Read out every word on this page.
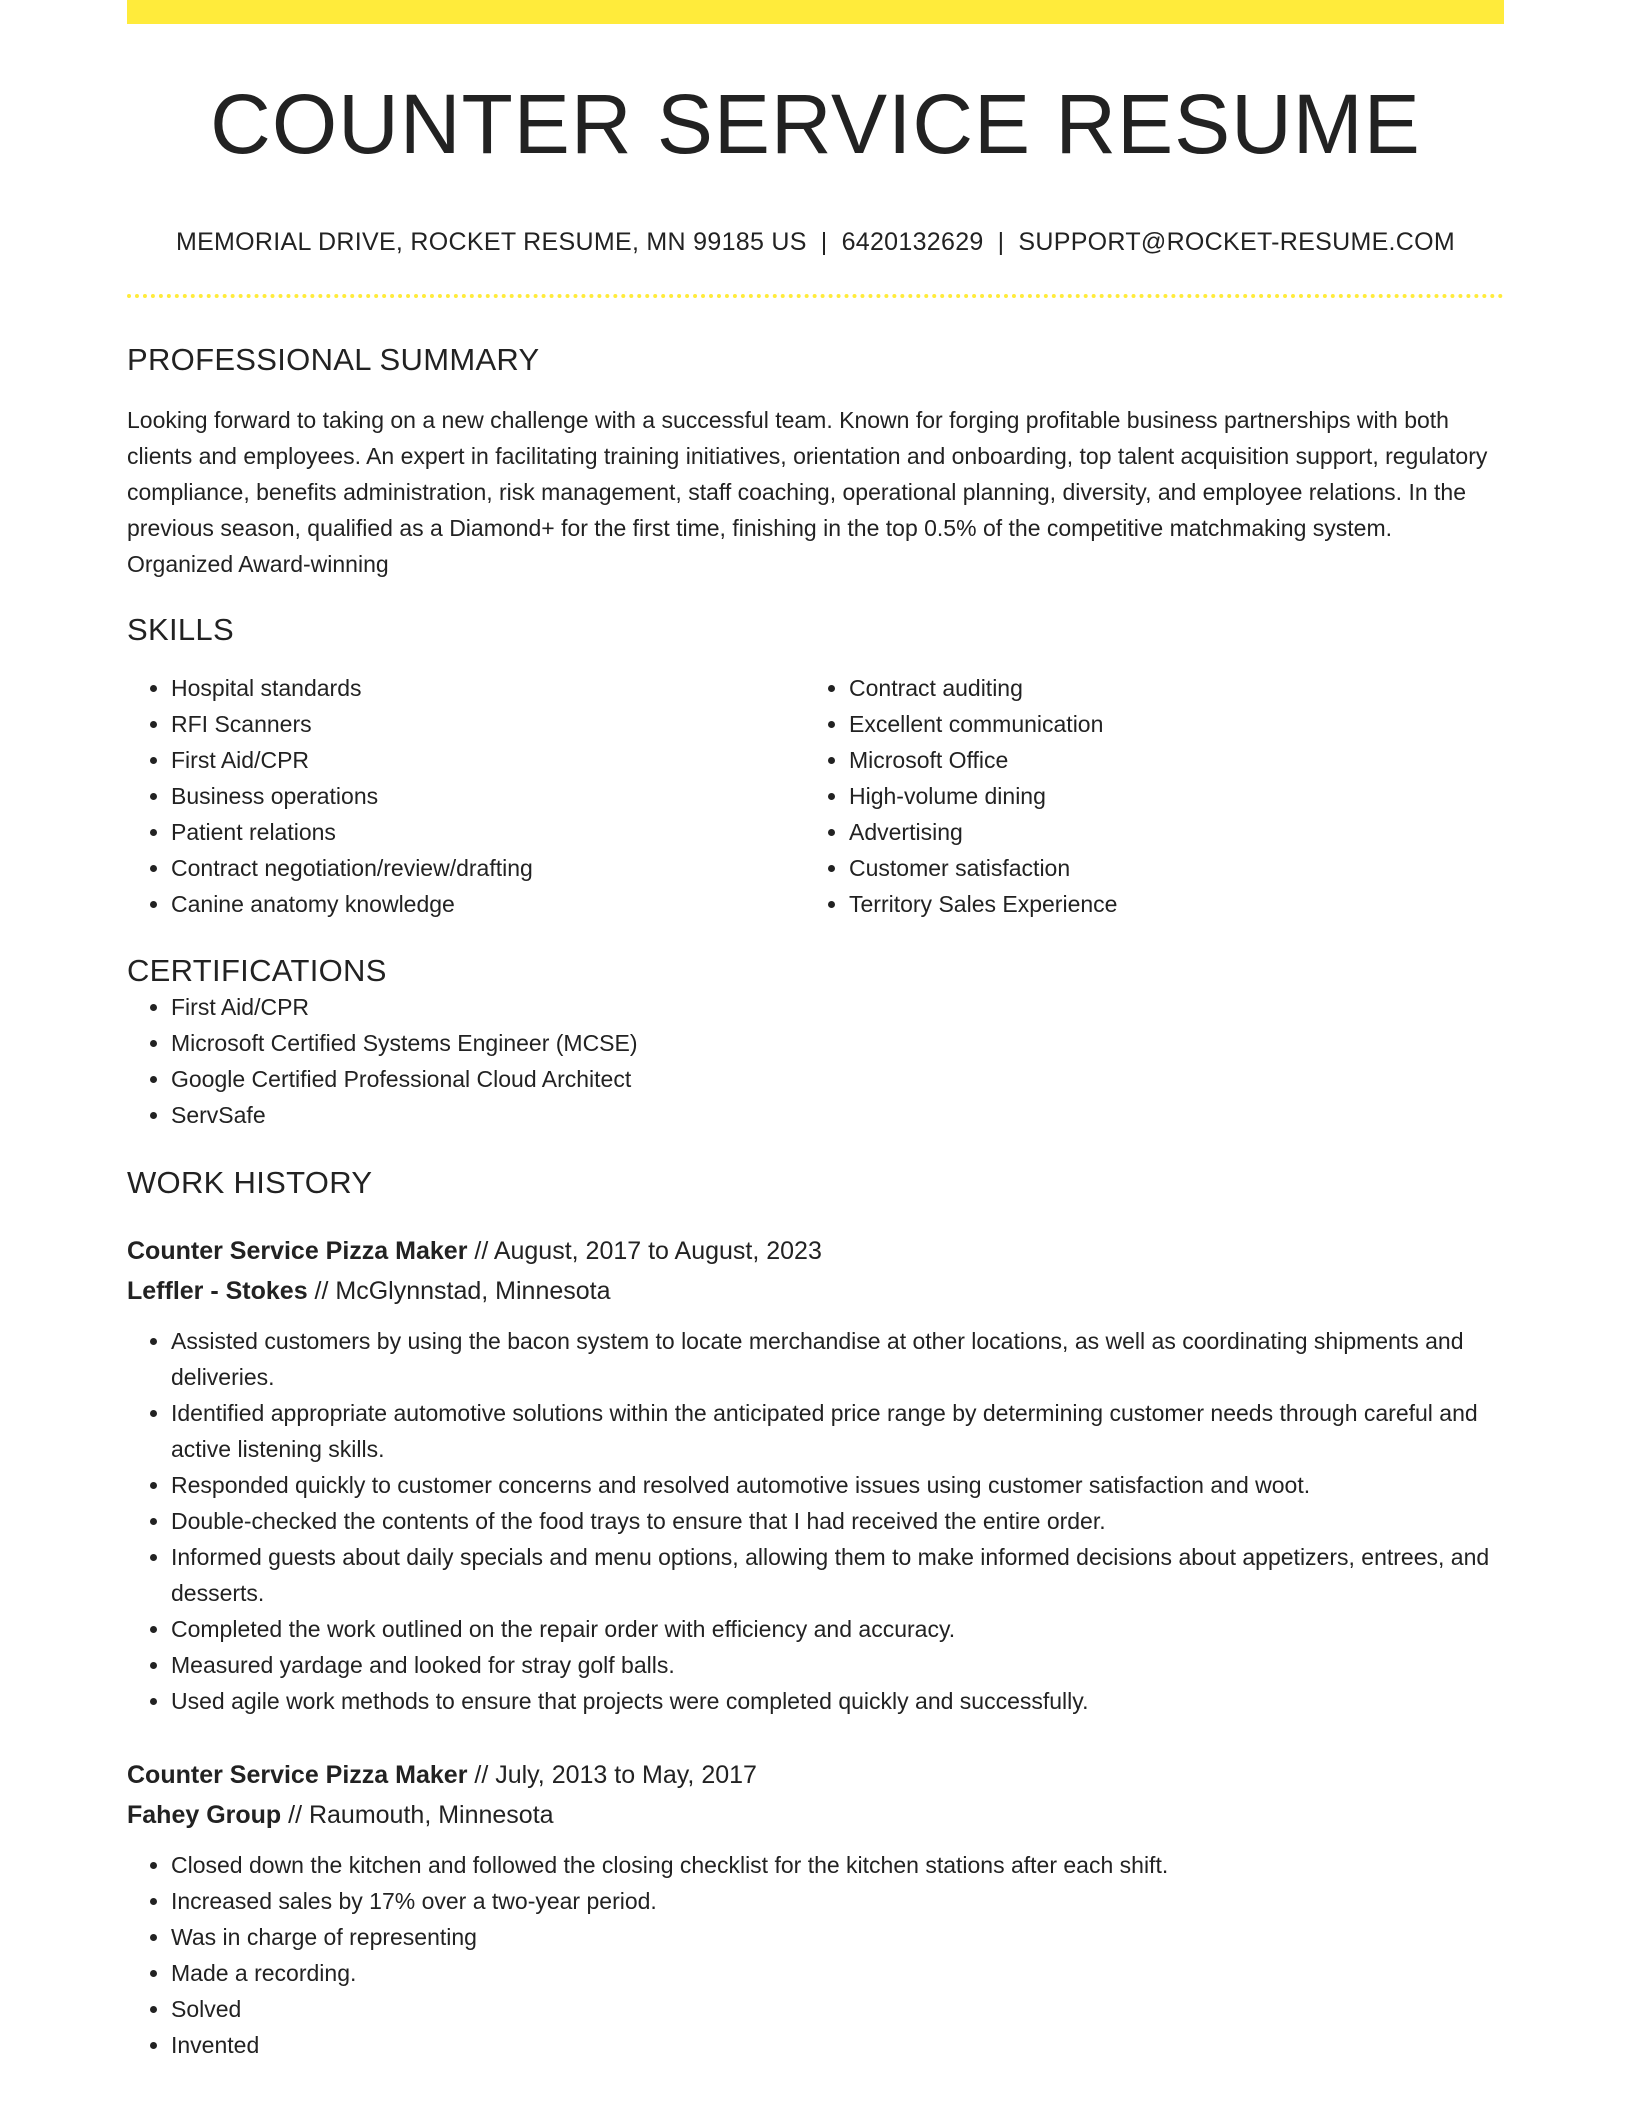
COUNTER SERVICE RESUME
MEMORIAL DRIVE, ROCKET RESUME, MN 99185 US | 6420132629 | SUPPORT@ROCKET-RESUME.COM
PROFESSIONAL SUMMARY

Looking forward to taking on a new challenge with a successful team. Known for forging profitable business partnerships with both clients and employees. An expert in facilitating training initiatives, orientation and onboarding, top talent acquisition support, regulatory compliance, benefits administration, risk management, staff coaching, operational planning, diversity, and employee relations. In the previous season, qualified as a Diamond+ for the first time, finishing in the top 0.5% of the competitive matchmaking system. Organized Award-winning

SKILLS
• Hospital standards
• RFI Scanners
• First Aid/CPR
• Business operations
• Patient relations
• Contract negotiation/review/drafting
• Canine anatomy knowledge
• Contract auditing
• Excellent communication
• Microsoft Office
• High-volume dining
• Advertising
• Customer satisfaction
• Territory Sales Experience
CERTIFICATIONS
• First Aid/CPR
• Microsoft Certified Systems Engineer (MCSE)
• Google Certified Professional Cloud Architect
• ServSafe
WORK HISTORY
Counter Service Pizza Maker // August, 2017 to August, 2023
Leffler - Stokes // McGlynnstad, Minnesota
• Assisted customers by using the bacon system to locate merchandise at other locations, as well as coordinating shipments and deliveries.
• Identified appropriate automotive solutions within the anticipated price range by determining customer needs through careful and active listening skills.
• Responded quickly to customer concerns and resolved automotive issues using customer satisfaction and woot.
• Double-checked the contents of the food trays to ensure that I had received the entire order.
• Informed guests about daily specials and menu options, allowing them to make informed decisions about appetizers, entrees, and desserts.
• Completed the work outlined on the repair order with efficiency and accuracy.
• Measured yardage and looked for stray golf balls.
• Used agile work methods to ensure that projects were completed quickly and successfully.
Counter Service Pizza Maker // July, 2013 to May, 2017
Fahey Group // Raumouth, Minnesota
• Closed down the kitchen and followed the closing checklist for the kitchen stations after each shift.
• Increased sales by 17% over a two-year period.
• Was in charge of representing
• Made a recording.
• Solved
• Invented
